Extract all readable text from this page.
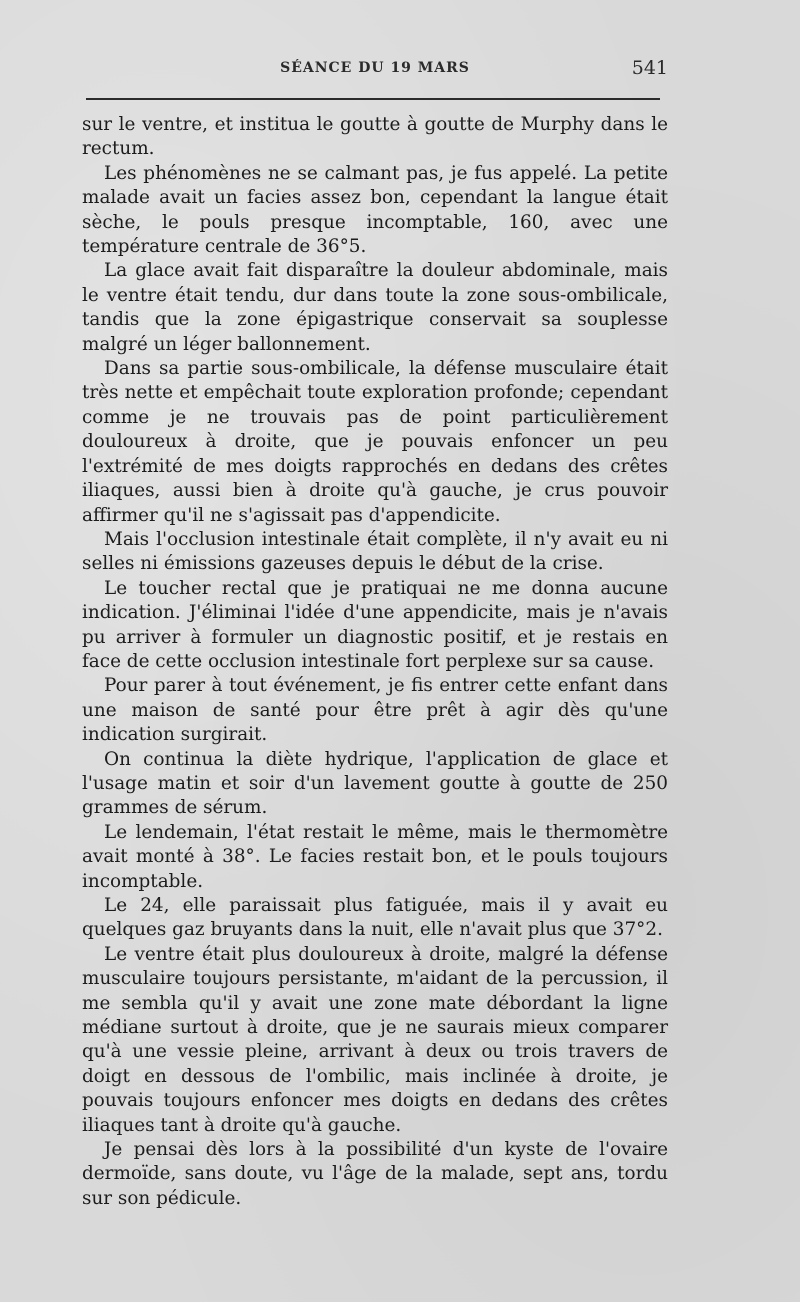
SÉANCE DU 19 MARS	541

sur le ventre, et institua le goutte à goutte de Murphy dans le rectum.

Les phénomènes ne se calmant pas, je fus appelé. La petite malade avait un facies assez bon, cependant la langue était sèche, le pouls presque incomptable, 160, avec une température centrale de 36°5.

La glace avait fait disparaître la douleur abdominale, mais le ventre était tendu, dur dans toute la zone sous-ombilicale, tandis que la zone épigastrique conservait sa souplesse malgré un léger ballonnement.

Dans sa partie sous-ombilicale, la défense musculaire était très nette et empêchait toute exploration profonde; cependant comme je ne trouvais pas de point particulièrement douloureux à droite, que je pouvais enfoncer un peu l'extrémité de mes doigts rapprochés en dedans des crêtes iliaques, aussi bien à droite qu'à gauche, je crus pouvoir affirmer qu'il ne s'agissait pas d'appendicite.

Mais l'occlusion intestinale était complète, il n'y avait eu ni selles ni émissions gazeuses depuis le début de la crise.

Le toucher rectal que je pratiquai ne me donna aucune indication. J'éliminai l'idée d'une appendicite, mais je n'avais pu arriver à formuler un diagnostic positif, et je restais en face de cette occlusion intestinale fort perplexe sur sa cause.

Pour parer à tout événement, je fis entrer cette enfant dans une maison de santé pour être prêt à agir dès qu'une indication surgirait.

On continua la diète hydrique, l'application de glace et l'usage matin et soir d'un lavement goutte à goutte de 250 grammes de sérum.

Le lendemain, l'état restait le même, mais le thermomètre avait monté à 38°. Le facies restait bon, et le pouls toujours incomptable.

Le 24, elle paraissait plus fatiguée, mais il y avait eu quelques gaz bruyants dans la nuit, elle n'avait plus que 37°2.

Le ventre était plus douloureux à droite, malgré la défense musculaire toujours persistante, m'aidant de la percussion, il me sembla qu'il y avait une zone mate débordant la ligne médiane surtout à droite, que je ne saurais mieux comparer qu'à une vessie pleine, arrivant à deux ou trois travers de doigt en dessous de l'ombilic, mais inclinée à droite, je pouvais toujours enfoncer mes doigts en dedans des crêtes iliaques tant à droite qu'à gauche.

Je pensai dès lors à la possibilité d'un kyste de l'ovaire dermoïde, sans doute, vu l'âge de la malade, sept ans, tordu sur son pédicule.
